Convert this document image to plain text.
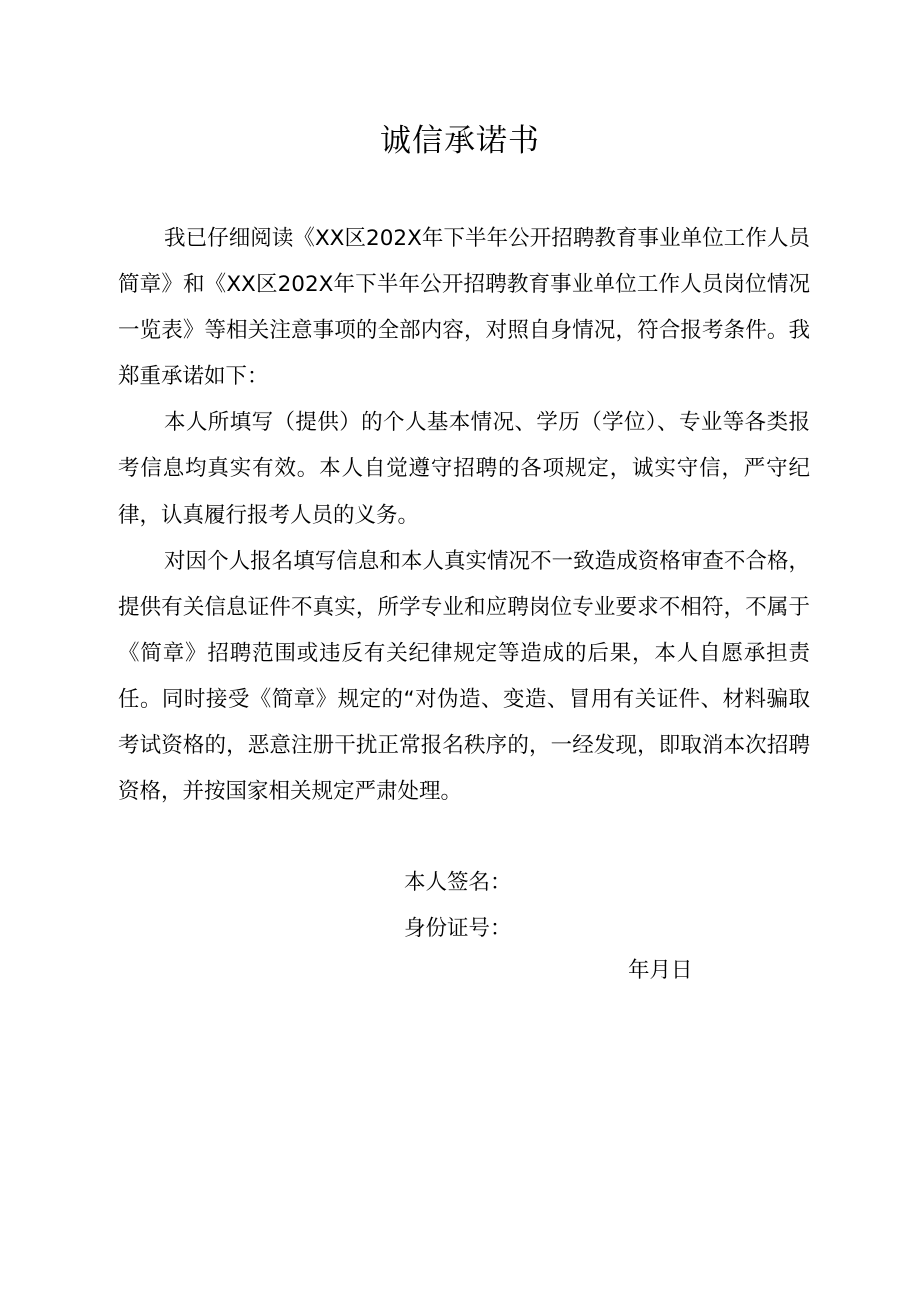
诚信承诺书

我已仔细阅读《XX区202X年下半年公开招聘教育事业单位工作人员简章》和《XX区202X年下半年公开招聘教育事业单位工作人员岗位情况一览表》等相关注意事项的全部内容，对照自身情况，符合报考条件。我郑重承诺如下：

本人所填写（提供）的个人基本情况、学历（学位）、专业等各类报考信息均真实有效。本人自觉遵守招聘的各项规定，诚实守信，严守纪律，认真履行报考人员的义务。

对因个人报名填写信息和本人真实情况不一致造成资格审查不合格，提供有关信息证件不真实，所学专业和应聘岗位专业要求不相符，不属于《简章》招聘范围或违反有关纪律规定等造成的后果，本人自愿承担责任。同时接受《简章》规定的“对伪造、变造、冒用有关证件、材料骗取考试资格的，恶意注册干扰正常报名秩序的，一经发现，即取消本次招聘资格，并按国家相关规定严肃处理。

本人签名：

身份证号：

年月日
